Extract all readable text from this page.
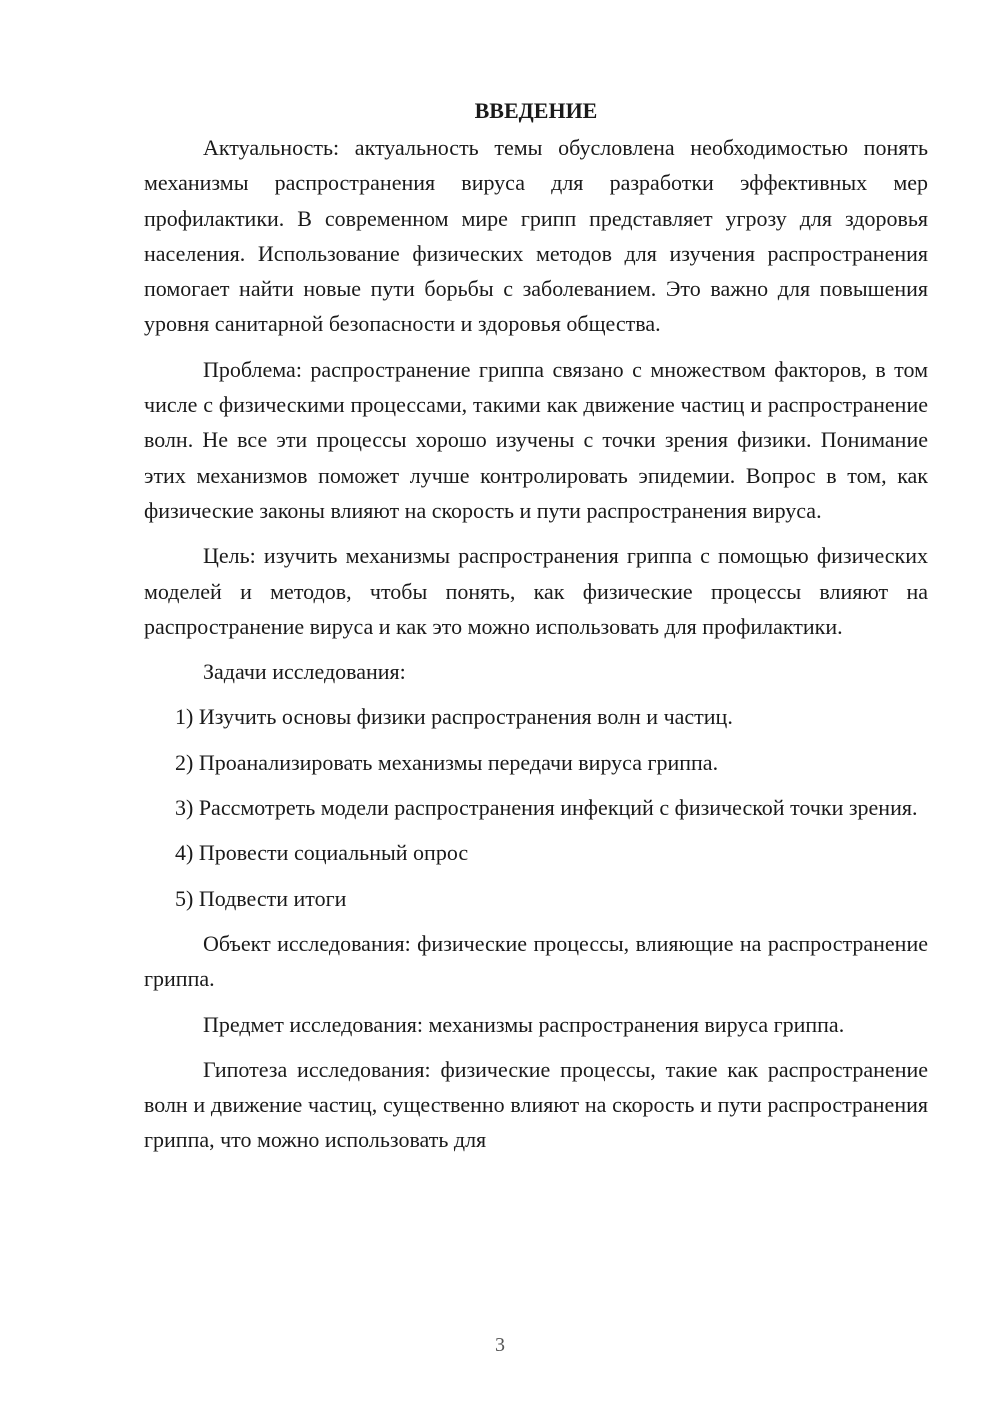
ВВЕДЕНИЕ

Актуальность: актуальность темы обусловлена необходимостью понять механизмы распространения вируса для разработки эффективных мер профилактики. В современном мире грипп представляет угрозу для здоровья населения. Использование физических методов для изучения распространения помогает найти новые пути борьбы с заболеванием. Это важно для повышения уровня санитарной безопасности и здоровья общества.

Проблема: распространение гриппа связано с множеством факторов, в том числе с физическими процессами, такими как движение частиц и распространение волн. Не все эти процессы хорошо изучены с точки зрения физики. Понимание этих механизмов поможет лучше контролировать эпидемии. Вопрос в том, как физические законы влияют на скорость и пути распространения вируса.

Цель: изучить механизмы распространения гриппа с помощью физических моделей и методов, чтобы понять, как физические процессы влияют на распространение вируса и как это можно использовать для профилактики.

Задачи исследования:

1) Изучить основы физики распространения волн и частиц.

2) Проанализировать механизмы передачи вируса гриппа.

3) Рассмотреть модели распространения инфекций с физической точки зрения.

4) Провести социальный опрос

5) Подвести итоги

Объект исследования: физические процессы, влияющие на распространение гриппа.

Предмет исследования: механизмы распространения вируса гриппа.

Гипотеза исследования: физические процессы, такие как распространение волн и движение частиц, существенно влияют на скорость и пути распространения гриппа, что можно использовать для

3
